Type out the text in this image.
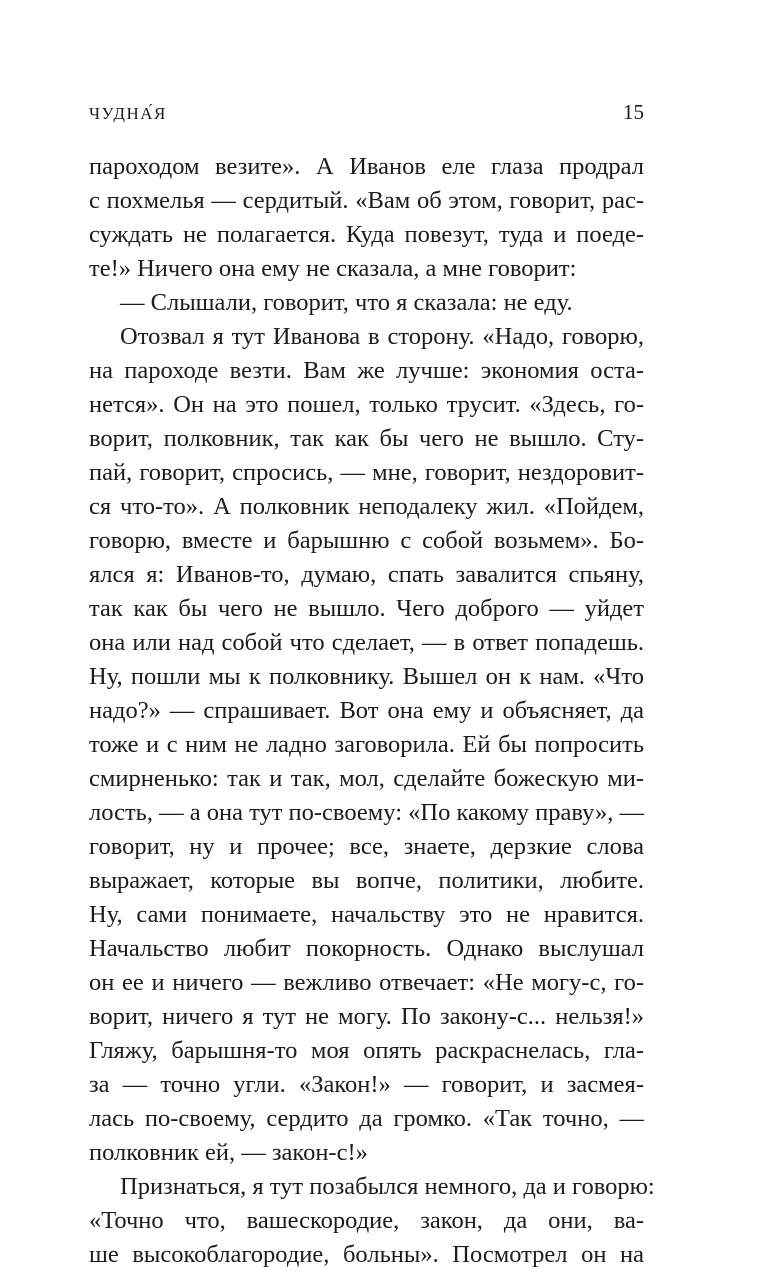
ЧУДНА́Я	15
пароходом везите». А Иванов еле глаза продрал
с похмелья — сердитый. «Вам об этом, говорит, рас-
суждать не полагается. Куда повезут, туда и поеде-
те!» Ничего она ему не сказала, а мне говорит:
— Слышали, говорит, что я сказала: не еду.
Отозвал я тут Иванова в сторону. «Надо, говорю,
на пароходе везти. Вам же лучше: экономия оста-
нется». Он на это пошел, только трусит. «Здесь, го-
ворит, полковник, так как бы чего не вышло. Сту-
пай, говорит, спросись, — мне, говорит, нездоровит-
ся что-то». А полковник неподалеку жил. «Пойдем,
говорю, вместе и барышню с собой возьмем». Бо-
ялся я: Иванов-то, думаю, спать завалится спьяну,
так как бы чего не вышло. Чего доброго — уйдет
она или над собой что сделает, — в ответ попадешь.
Ну, пошли мы к полковнику. Вышел он к нам. «Что
надо?» — спрашивает. Вот она ему и объясняет, да
тоже и с ним не ладно заговорила. Ей бы попросить
смирненько: так и так, мол, сделайте божескую ми-
лость, — а она тут по-своему: «По какому праву», —
говорит, ну и прочее; все, знаете, дерзкие слова
выражает, которые вы вопче, политики, любите.
Ну, сами понимаете, начальству это не нравится.
Начальство любит покорность. Однако выслушал
он ее и ничего — вежливо отвечает: «Не могу-с, го-
ворит, ничего я тут не могу. По закону-с... нельзя!»
Гляжу, барышня-то моя опять раскраснелась, гла-
за — точно угли. «Закон!» — говорит, и засмея-
лась по-своему, сердито да громко. «Так точно, —
полковник ей, — закон-с!»
Признаться, я тут позабылся немного, да и говорю:
«Точно что, вашескородие, закон, да они, ва-
ше высокоблагородие, больны». Посмотрел он на
